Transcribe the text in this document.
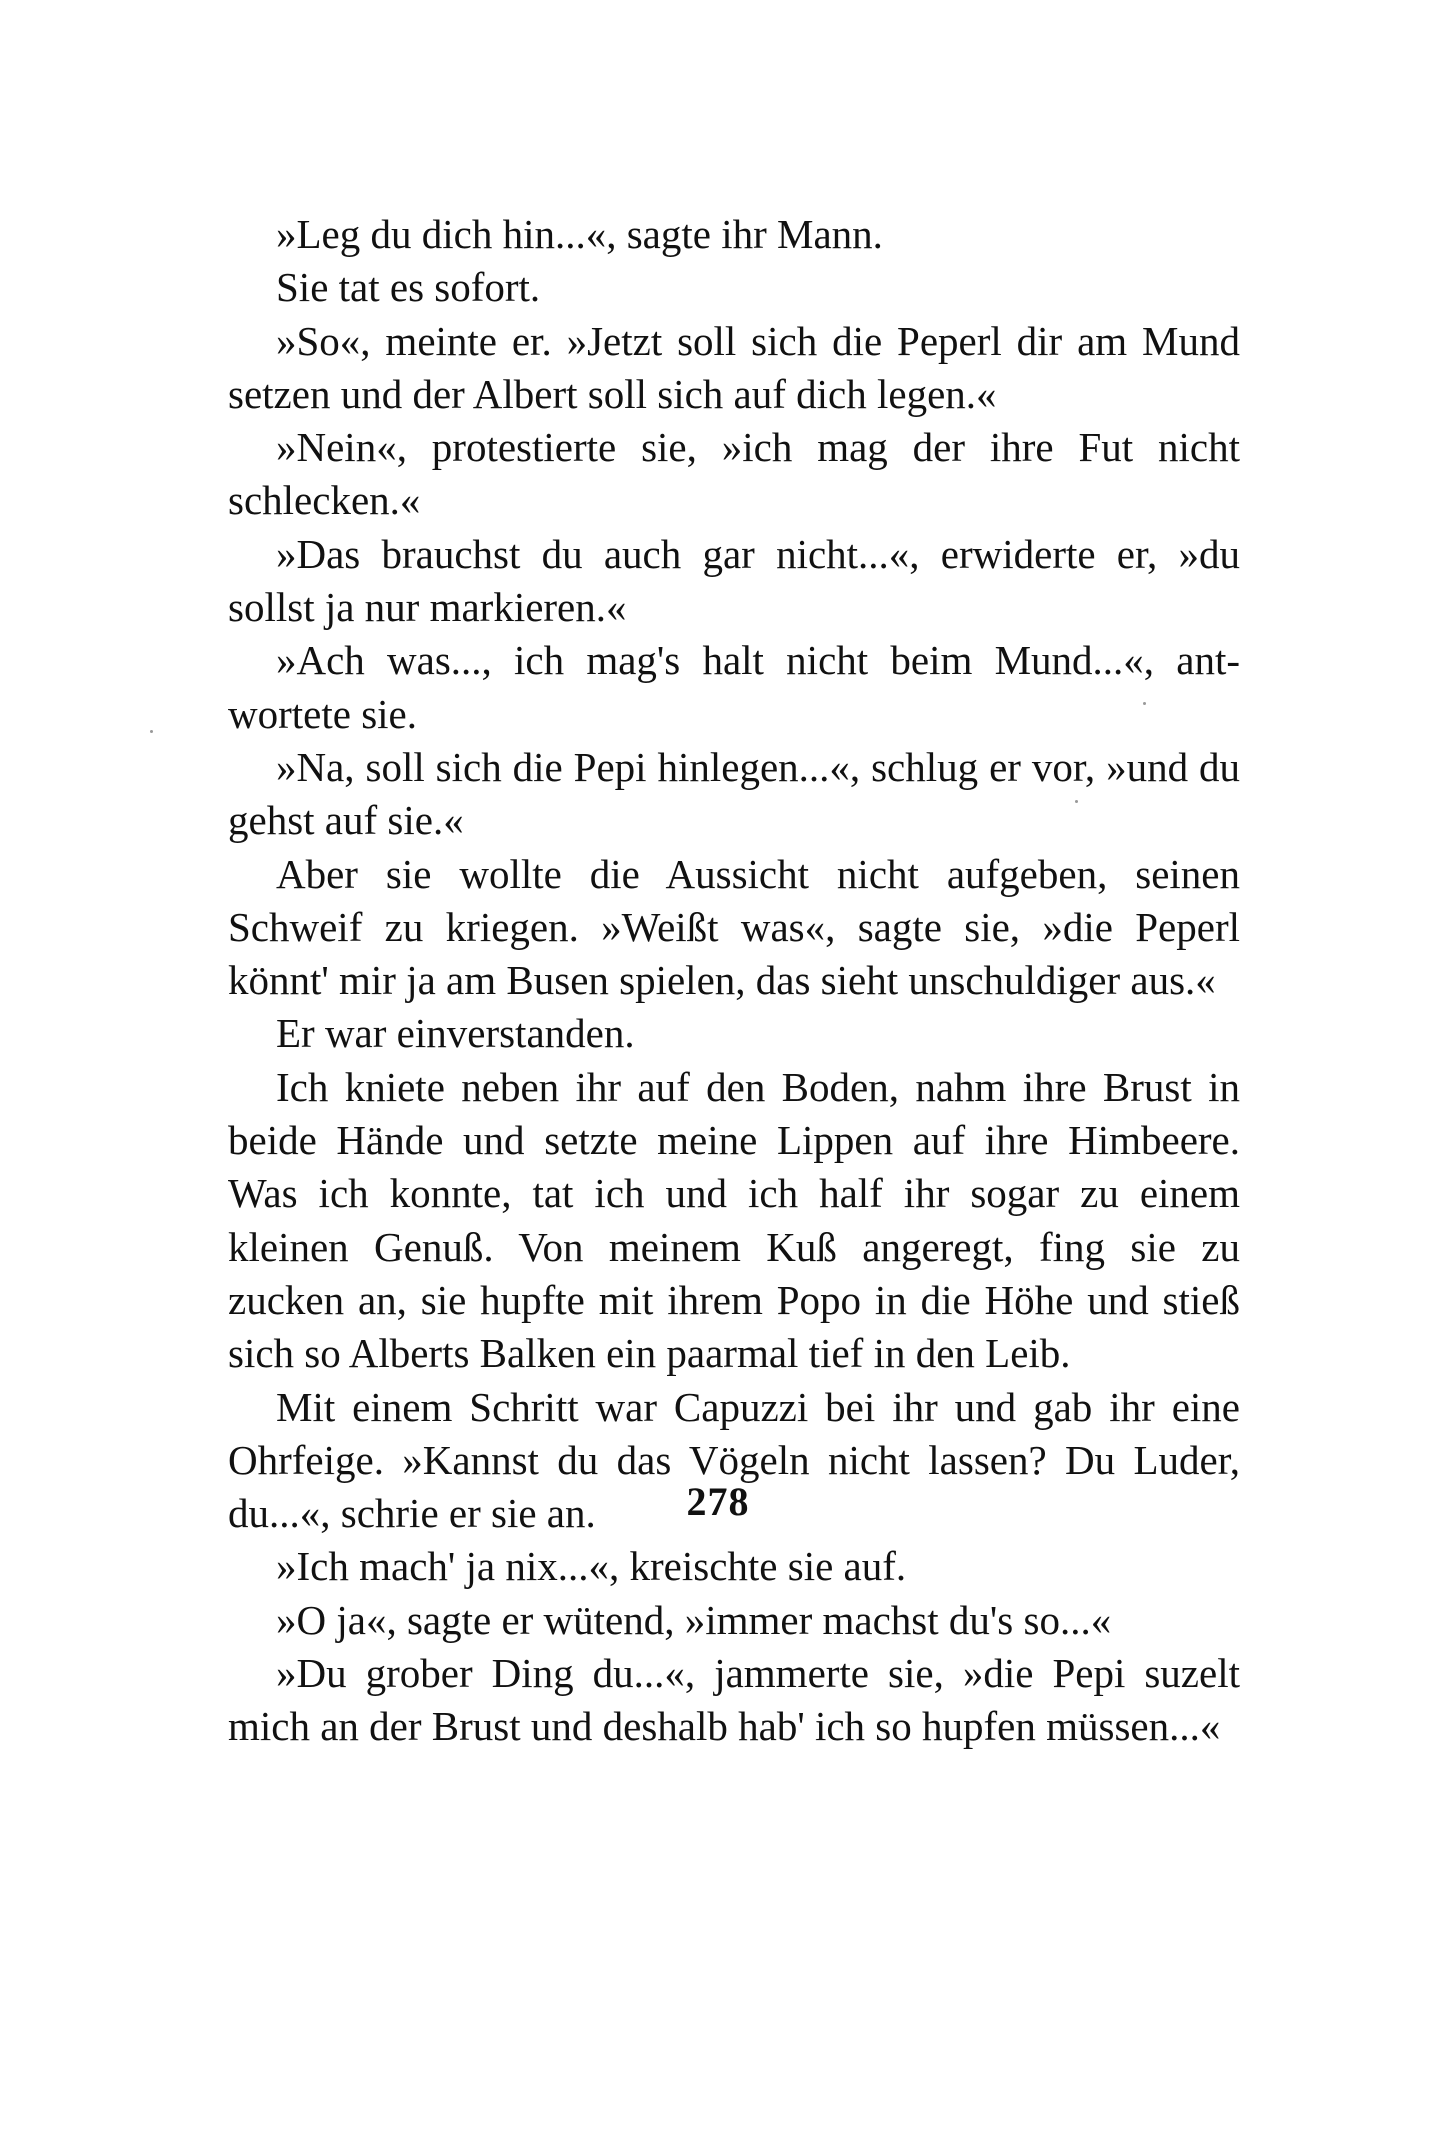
»Leg du dich hin...«, sagte ihr Mann.

Sie tat es sofort.

»So«, meinte er. »Jetzt soll sich die Peperl dir am Mund setzen und der Albert soll sich auf dich legen.«

»Nein«, protestierte sie, »ich mag der ihre Fut nicht schlecken.«

»Das brauchst du auch gar nicht...«, erwiderte er, »du sollst ja nur markieren.«

»Ach was..., ich mag's halt nicht beim Mund...«, antwortete sie.

»Na, soll sich die Pepi hinlegen...«, schlug er vor, »und du gehst auf sie.«

Aber sie wollte die Aussicht nicht aufgeben, seinen Schweif zu kriegen. »Weißt was«, sagte sie, »die Peperl könnt' mir ja am Busen spielen, das sieht unschuldiger aus.«

Er war einverstanden.

Ich kniete neben ihr auf den Boden, nahm ihre Brust in beide Hände und setzte meine Lippen auf ihre Himbeere. Was ich konnte, tat ich und ich half ihr sogar zu einem kleinen Genuß. Von meinem Kuß angeregt, fing sie zu zucken an, sie hupfte mit ihrem Popo in die Höhe und stieß sich so Alberts Balken ein paarmal tief in den Leib.

Mit einem Schritt war Capuzzi bei ihr und gab ihr eine Ohrfeige. »Kannst du das Vögeln nicht lassen? Du Luder, du...«, schrie er sie an.

»Ich mach' ja nix...«, kreischte sie auf.

»O ja«, sagte er wütend, »immer machst du's so...«

»Du grober Ding du...«, jammerte sie, »die Pepi suzelt mich an der Brust und deshalb hab' ich so hupfen müssen...«

278
